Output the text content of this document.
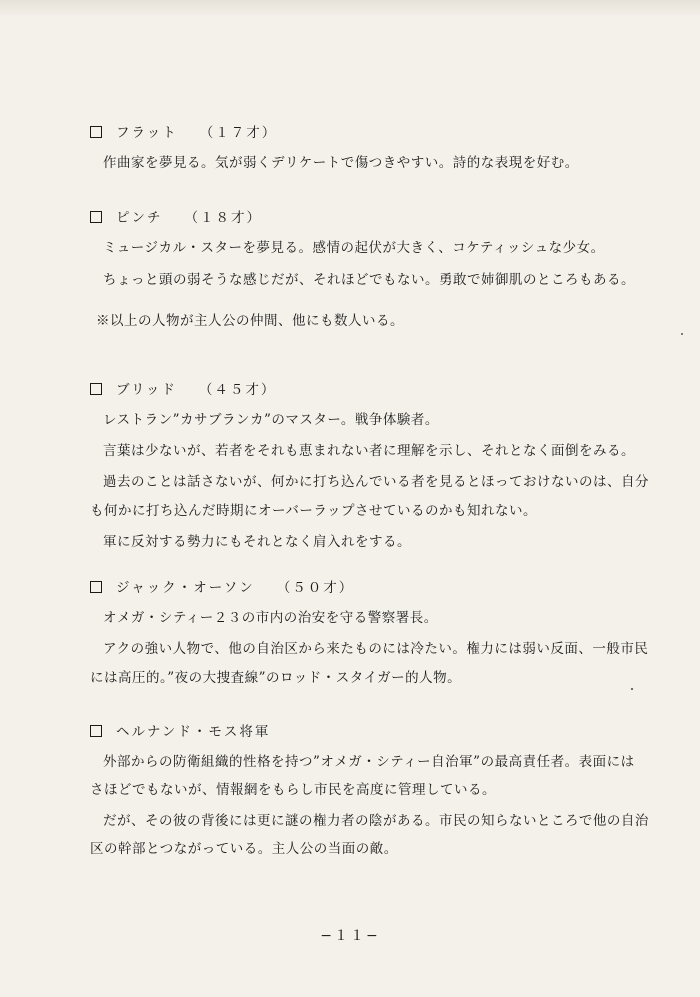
フラット （１７才）
作曲家を夢見る。気が弱くデリケートで傷つきやすい。詩的な表現を好む。
ピンチ （１８才）
ミュージカル・スターを夢見る。感情の起伏が大きく、コケティッシュな少女。
ちょっと頭の弱そうな感じだが、それほどでもない。勇敢で姉御肌のところもある。
※以上の人物が主人公の仲間、他にも数人いる。
ブリッド （４５才）
レストラン”カサブランカ”のマスター。戦争体験者。
言葉は少ないが、若者をそれも恵まれない者に理解を示し、それとなく面倒をみる。
過去のことは話さないが、何かに打ち込んでいる者を見るとほっておけないのは、自分
も何かに打ち込んだ時期にオーバーラップさせているのかも知れない。
軍に反対する勢力にもそれとなく肩入れをする。
ジャック・オーソン （５０才）
オメガ・シティー２３の市内の治安を守る警察署長。
アクの強い人物で、他の自治区から来たものには冷たい。権力には弱い反面、一般市民
には高圧的。”夜の大捜査線”のロッド・スタイガー的人物。
ヘルナンド・モス将軍
外部からの防衛組織的性格を持つ”オメガ・シティー自治軍”の最高責任者。表面には
さほどでもないが、情報網をもらし市民を高度に管理している。
だが、その彼の背後には更に謎の権力者の陰がある。市民の知らないところで他の自治
区の幹部とつながっている。主人公の当面の敵。
−１１−
